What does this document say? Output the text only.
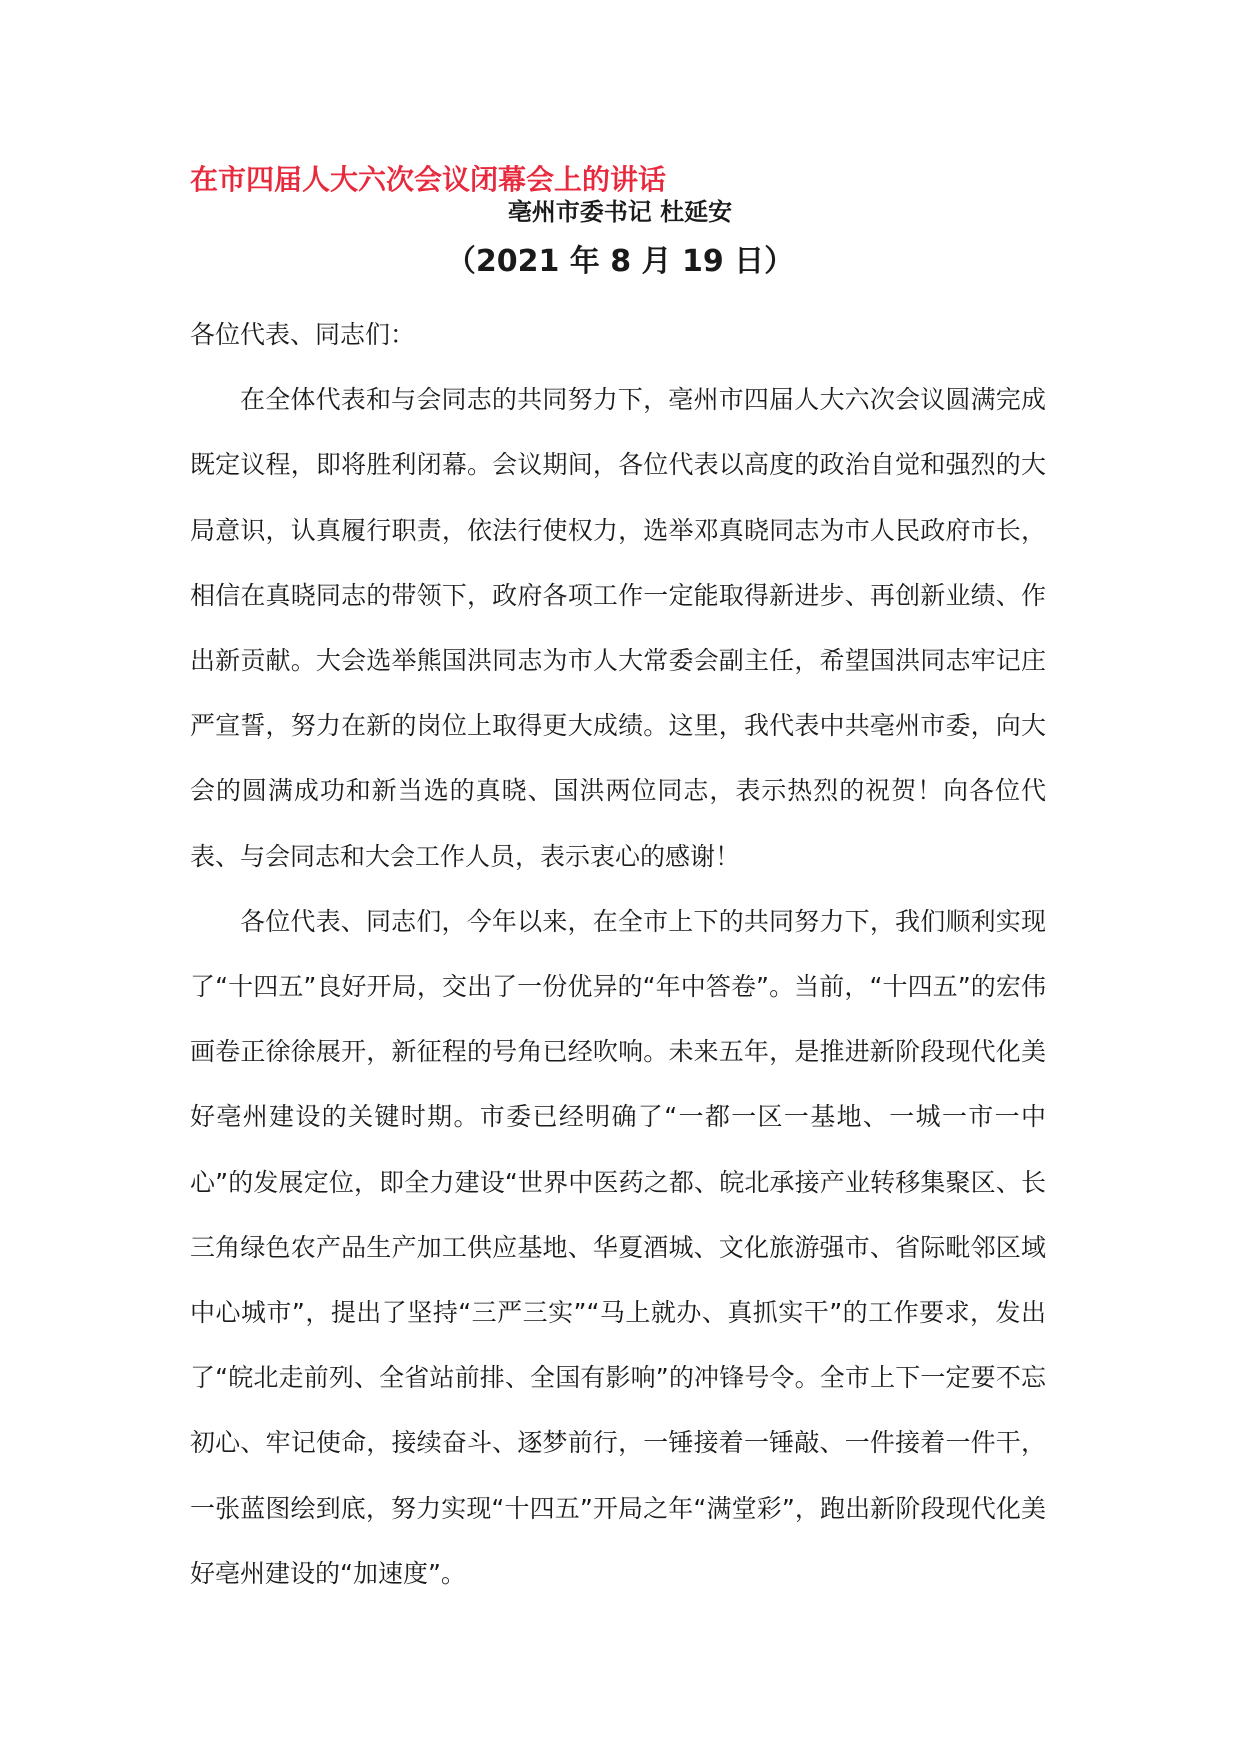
在市四届人大六次会议闭幕会上的讲话
亳州市委书记 杜延安
（2021 年 8 月 19 日）

各位代表、同志们：

在全体代表和与会同志的共同努力下，亳州市四届人大六次会议圆满完成既定议程，即将胜利闭幕。会议期间，各位代表以高度的政治自觉和强烈的大局意识，认真履行职责，依法行使权力，选举邓真晓同志为市人民政府市长，相信在真晓同志的带领下，政府各项工作一定能取得新进步、再创新业绩、作出新贡献。大会选举熊国洪同志为市人大常委会副主任，希望国洪同志牢记庄严宣誓，努力在新的岗位上取得更大成绩。这里，我代表中共亳州市委，向大会的圆满成功和新当选的真晓、国洪两位同志，表示热烈的祝贺！向各位代表、与会同志和大会工作人员，表示衷心的感谢！

各位代表、同志们，今年以来，在全市上下的共同努力下，我们顺利实现了“十四五”良好开局，交出了一份优异的“年中答卷”。当前，“十四五”的宏伟画卷正徐徐展开，新征程的号角已经吹响。未来五年，是推进新阶段现代化美好亳州建设的关键时期。市委已经明确了“一都一区一基地、一城一市一中心”的发展定位，即全力建设“世界中医药之都、皖北承接产业转移集聚区、长三角绿色农产品生产加工供应基地、华夏酒城、文化旅游强市、省际毗邻区域中心城市”，提出了坚持“三严三实”“马上就办、真抓实干”的工作要求，发出了“皖北走前列、全省站前排、全国有影响”的冲锋号令。全市上下一定要不忘初心、牢记使命，接续奋斗、逐梦前行，一锤接着一锤敲、一件接着一件干，一张蓝图绘到底，努力实现“十四五”开局之年“满堂彩”，跑出新阶段现代化美好亳州建设的“加速度”。
